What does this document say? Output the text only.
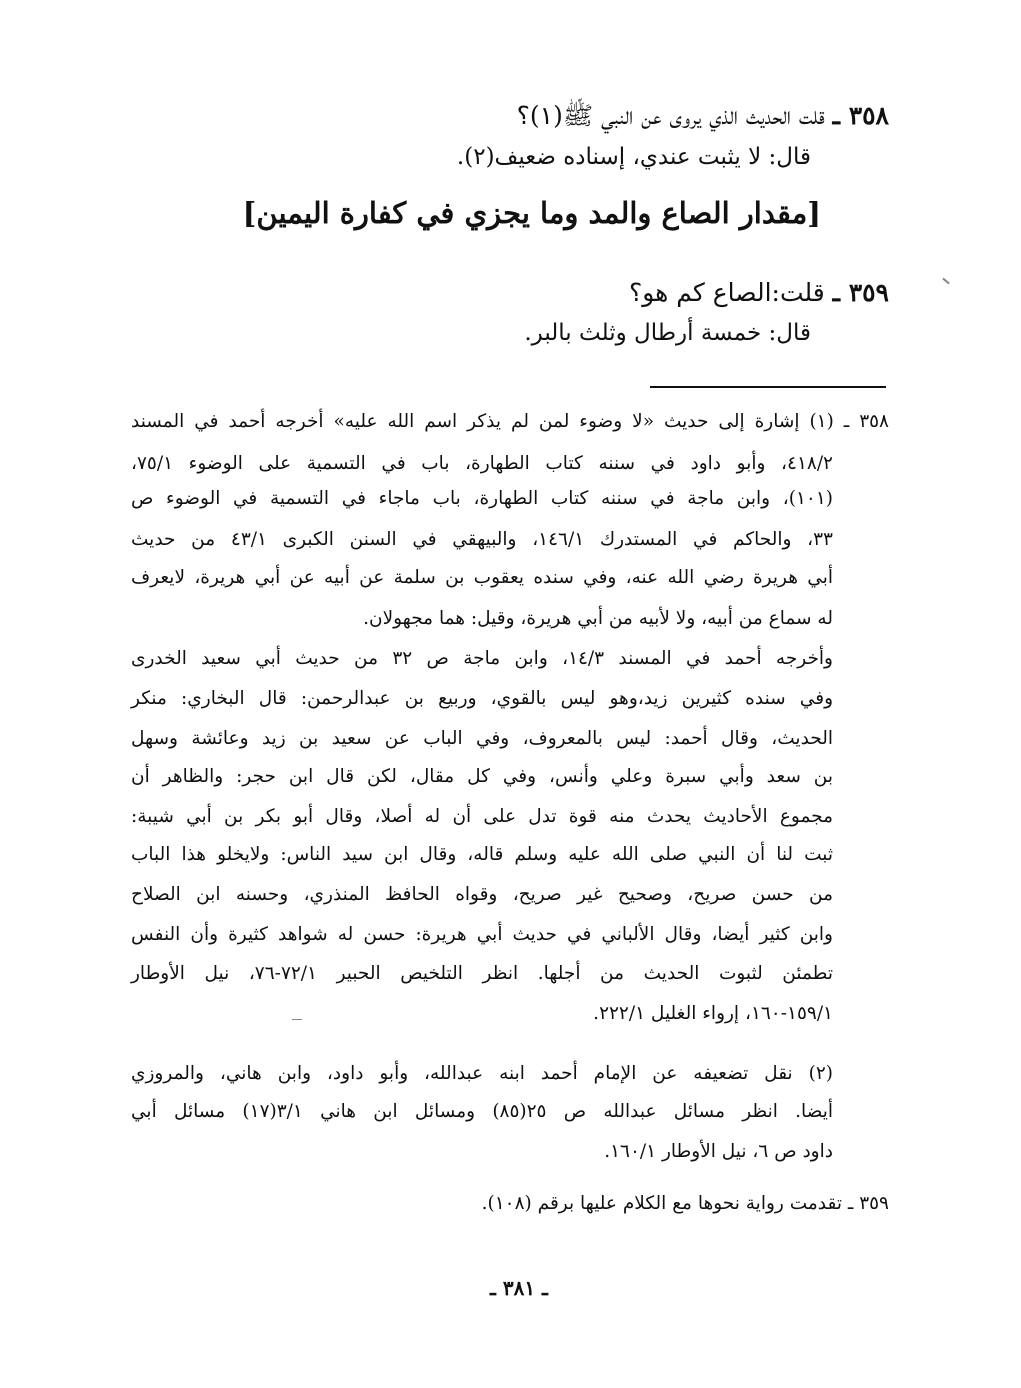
٣٥٨ ـ قلت الحديث الذي يروى عن النبي ﷺ(١)؟
قال: لا يثبت عندي، إسناده ضعيف(٢).
[مقدار الصاع والمد وما يجزي في كفارة اليمين]
٣٥٩ ـ قلت:الصاع كم هو؟
قال: خمسة أرطال وثلث بالبر.
٣٥٨ ـ (١) إشارة إلى حديث «لا وضوء لمن لم يذكر اسم الله عليه» أخرجه أحمد في المسند
٤١٨/٢، وأبو داود في سننه كتاب الطهارة، باب في التسمية على الوضوء ٧٥/١،
(١٠١)، وابن ماجة في سننه كتاب الطهارة، باب ماجاء في التسمية في الوضوء ص
٣٣، والحاكم في المستدرك ١٤٦/١، والبيهقي في السنن الكبرى ٤٣/١ من حديث
أبي هريرة رضي الله عنه، وفي سنده يعقوب بن سلمة عن أبيه عن أبي هريرة، لايعرف
له سماع من أبيه، ولا لأبيه من أبي هريرة، وقيل: هما مجهولان.
وأخرجه أحمد في المسند ١٤/٣، وابن ماجة ص ٣٢ من حديث أبي سعيد الخدرى
وفي سنده كثيرين زيد،وهو ليس بالقوي، وربيع بن عبدالرحمن: قال البخاري: منكر
الحديث، وقال أحمد: ليس بالمعروف، وفي الباب عن سعيد بن زيد وعائشة وسهل
بن سعد وأبي سبرة وعلي وأنس، وفي كل مقال، لكن قال ابن حجر: والظاهر أن
مجموع الأحاديث يحدث منه قوة تدل على أن له أصلا، وقال أبو بكر بن أبي شيبة:
ثبت لنا أن النبي صلى الله عليه وسلم قاله، وقال ابن سيد الناس: ولايخلو هذا الباب
من حسن صريح، وصحيح غير صريح، وقواه الحافظ المنذري، وحسنه ابن الصلاح
وابن كثير أيضا، وقال الألباني في حديث أبي هريرة: حسن له شواهد كثيرة وأن النفس
تطمئن لثبوت الحديث من أجلها. انظر التلخيص الحبير ٧٢/١-٧٦، نيل الأوطار
١٥٩/١-١٦٠، إرواء الغليل ٢٢٢/١.
(٢) نقل تضعيفه عن الإمام أحمد ابنه عبدالله، وأبو داود، وابن هاني، والمروزي
أيضا. انظر مسائل عبدالله ص ٢٥(٨٥) ومسائل ابن هاني ٣/١(١٧) مسائل أبي
داود ص ٦، نيل الأوطار ١٦٠/١.
٣٥٩ ـ تقدمت رواية نحوها مع الكلام عليها برقم (١٠٨).
ـ ٣٨١ ـ
